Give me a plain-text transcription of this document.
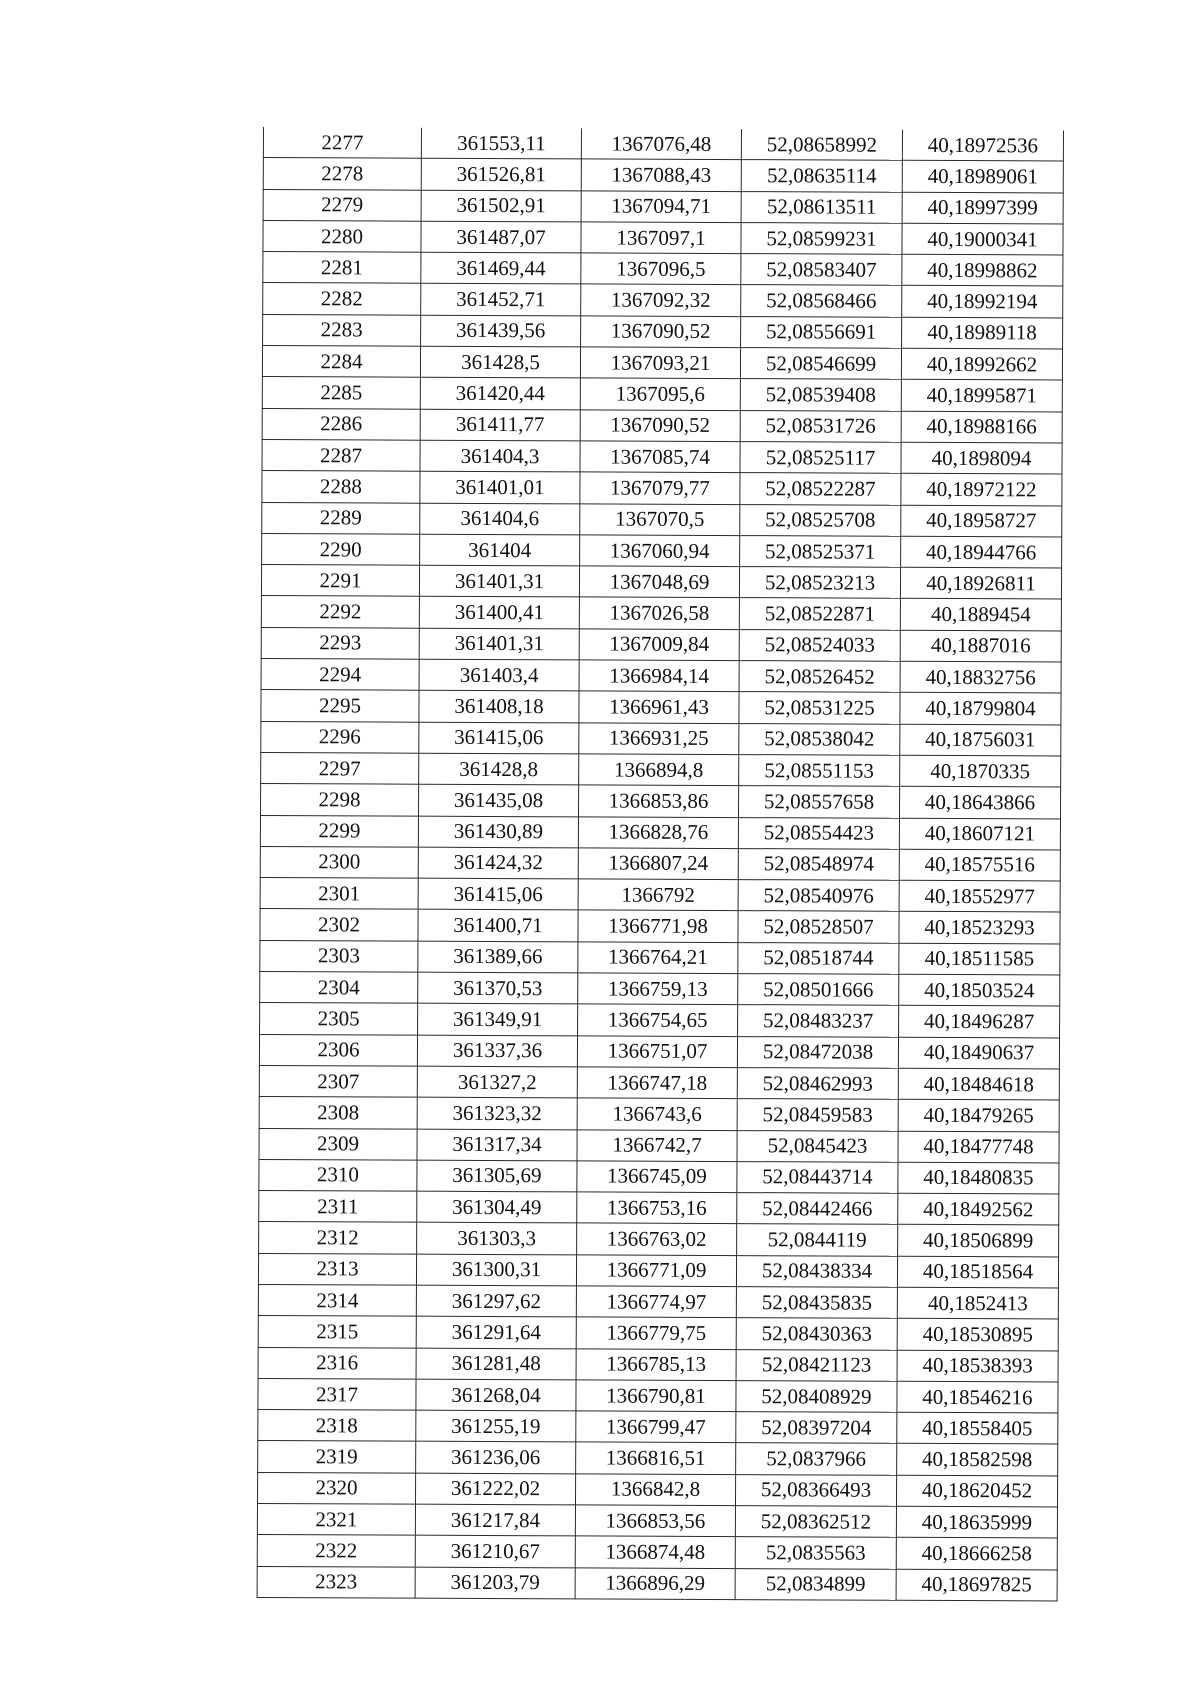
2277	361553,11	1367076,48	52,08658992	40,18972536
2278	361526,81	1367088,43	52,08635114	40,18989061
2279	361502,91	1367094,71	52,08613511	40,18997399
2280	361487,07	1367097,1	52,08599231	40,19000341
2281	361469,44	1367096,5	52,08583407	40,18998862
2282	361452,71	1367092,32	52,08568466	40,18992194
2283	361439,56	1367090,52	52,08556691	40,18989118
2284	361428,5	1367093,21	52,08546699	40,18992662
2285	361420,44	1367095,6	52,08539408	40,18995871
2286	361411,77	1367090,52	52,08531726	40,18988166
2287	361404,3	1367085,74	52,08525117	40,1898094
2288	361401,01	1367079,77	52,08522287	40,18972122
2289	361404,6	1367070,5	52,08525708	40,18958727
2290	361404	1367060,94	52,08525371	40,18944766
2291	361401,31	1367048,69	52,08523213	40,18926811
2292	361400,41	1367026,58	52,08522871	40,1889454
2293	361401,31	1367009,84	52,08524033	40,1887016
2294	361403,4	1366984,14	52,08526452	40,18832756
2295	361408,18	1366961,43	52,08531225	40,18799804
2296	361415,06	1366931,25	52,08538042	40,18756031
2297	361428,8	1366894,8	52,08551153	40,1870335
2298	361435,08	1366853,86	52,08557658	40,18643866
2299	361430,89	1366828,76	52,08554423	40,18607121
2300	361424,32	1366807,24	52,08548974	40,18575516
2301	361415,06	1366792	52,08540976	40,18552977
2302	361400,71	1366771,98	52,08528507	40,18523293
2303	361389,66	1366764,21	52,08518744	40,18511585
2304	361370,53	1366759,13	52,08501666	40,18503524
2305	361349,91	1366754,65	52,08483237	40,18496287
2306	361337,36	1366751,07	52,08472038	40,18490637
2307	361327,2	1366747,18	52,08462993	40,18484618
2308	361323,32	1366743,6	52,08459583	40,18479265
2309	361317,34	1366742,7	52,0845423	40,18477748
2310	361305,69	1366745,09	52,08443714	40,18480835
2311	361304,49	1366753,16	52,08442466	40,18492562
2312	361303,3	1366763,02	52,0844119	40,18506899
2313	361300,31	1366771,09	52,08438334	40,18518564
2314	361297,62	1366774,97	52,08435835	40,1852413
2315	361291,64	1366779,75	52,08430363	40,18530895
2316	361281,48	1366785,13	52,08421123	40,18538393
2317	361268,04	1366790,81	52,08408929	40,18546216
2318	361255,19	1366799,47	52,08397204	40,18558405
2319	361236,06	1366816,51	52,0837966	40,18582598
2320	361222,02	1366842,8	52,08366493	40,18620452
2321	361217,84	1366853,56	52,08362512	40,18635999
2322	361210,67	1366874,48	52,0835563	40,18666258
2323	361203,79	1366896,29	52,0834899	40,18697825
